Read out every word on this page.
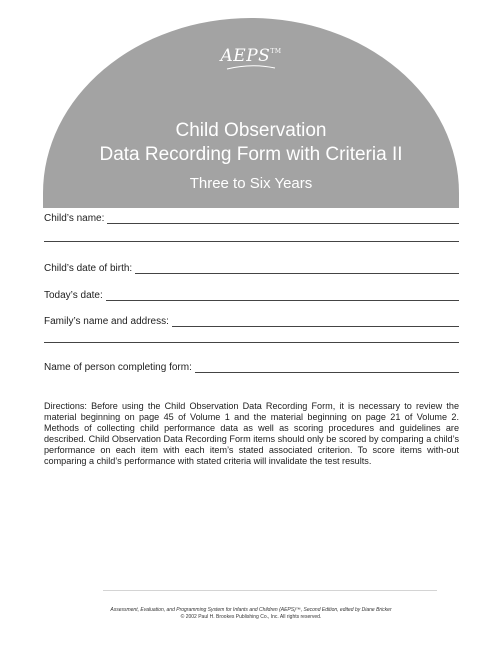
AEPS™
Child Observation
Data Recording Form with Criteria II
Three to Six Years
Child’s name:
Child’s date of birth:
Today’s date:
Family’s name and address:
Name of person completing form:
Directions: Before using the Child Observation Data Recording Form, it is necessary to review the material beginning on page 45 of Volume 1 and the material beginning on page 21 of Volume 2. Methods of collecting child performance data as well as scoring procedures and guidelines are described. Child Observation Data Recording Form items should only be scored by comparing a child’s performance on each item with each item’s stated associated criterion. To score items with-out comparing a child’s performance with stated criteria will invalidate the test results.
Assessment, Evaluation, and Programming System for Infants and Children (AEPS)™, Second Edition, edited by Diane Bricker
© 2002 Paul H. Brookes Publishing Co., Inc. All rights reserved.
